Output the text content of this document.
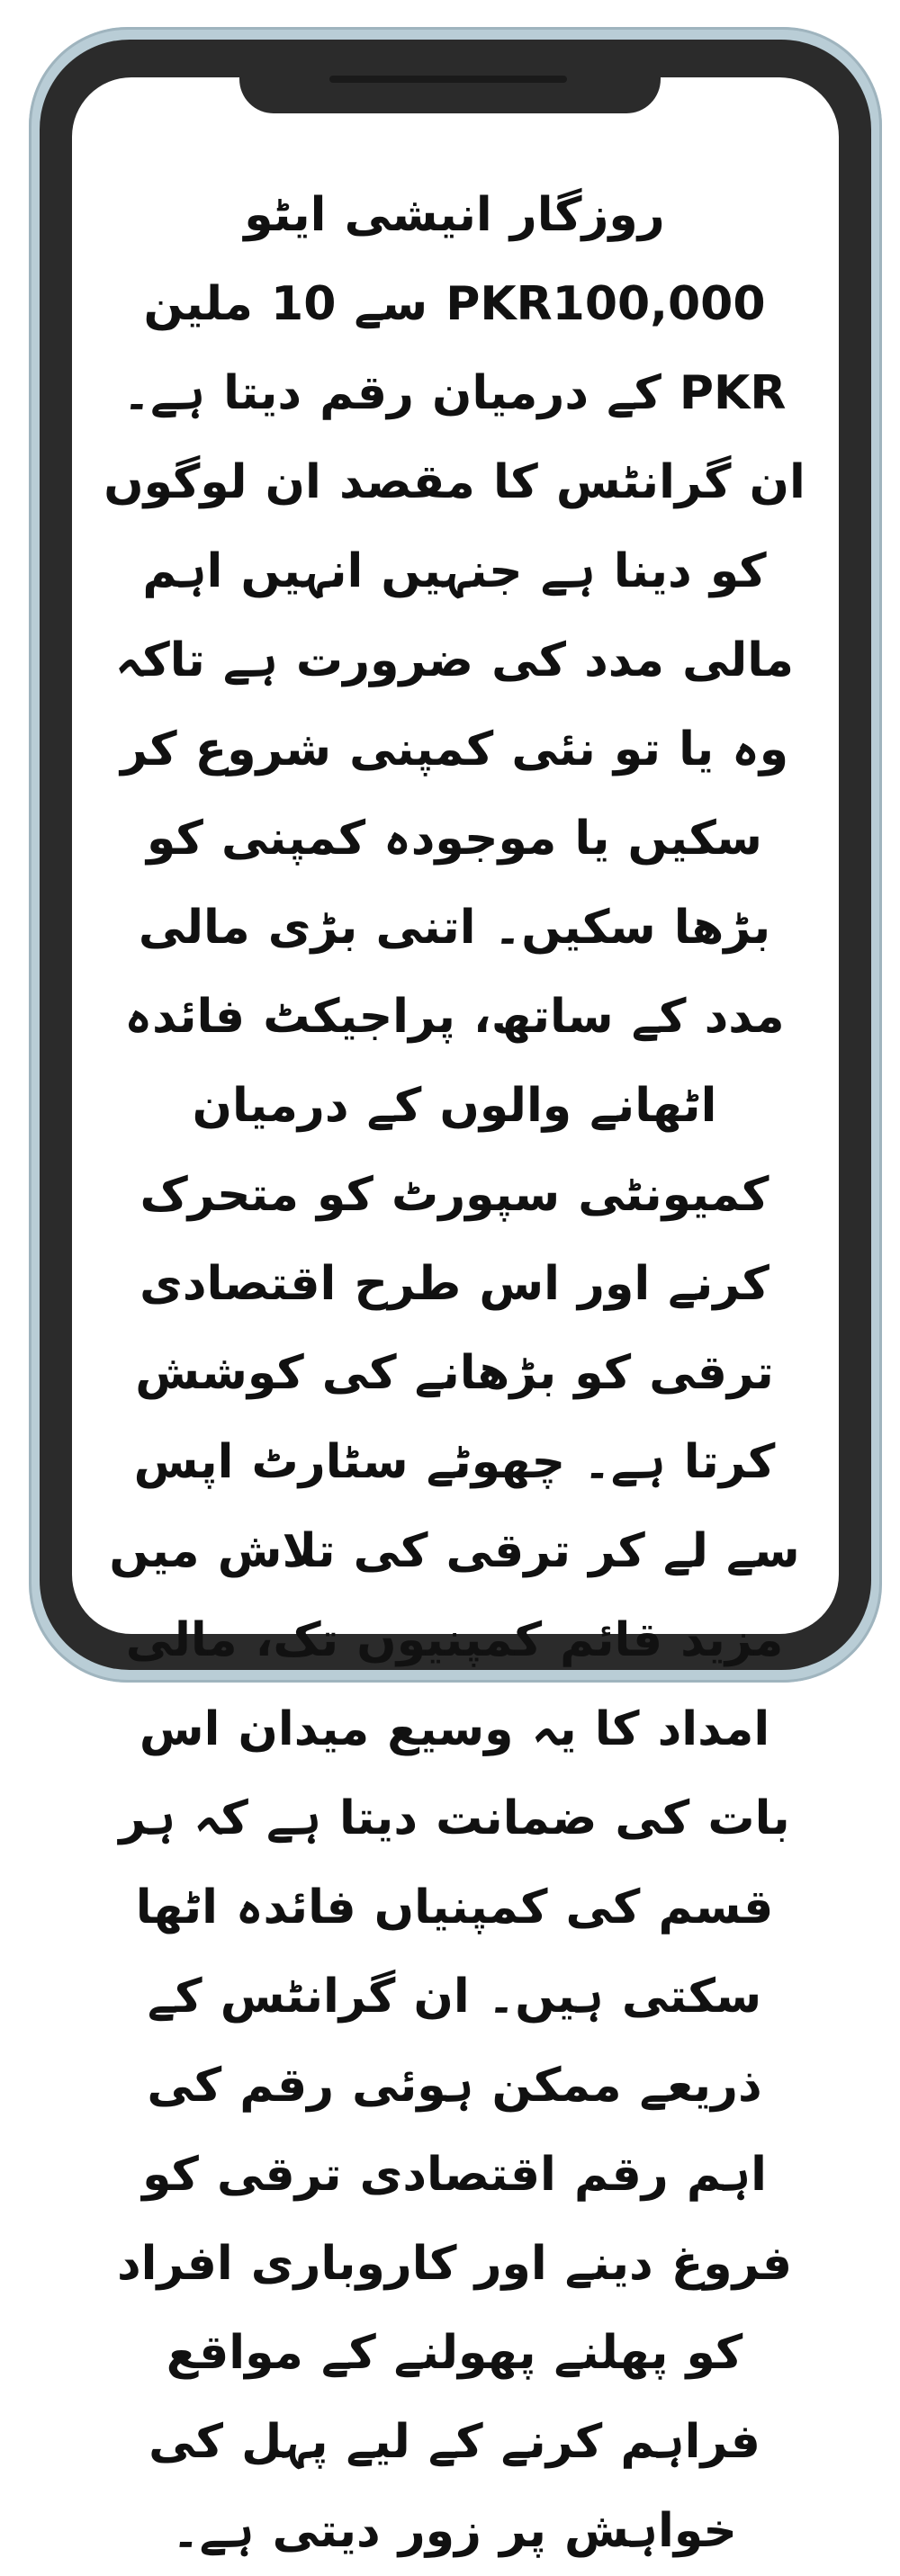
روزگار انیشی ایٹو PKR100,000 سے 10 ملین PKR کے درمیان رقم دیتا ہے۔ ان گرانٹس کا مقصد ان لوگوں کو دینا ہے جنہیں انہیں اہم مالی مدد کی ضرورت ہے تاکہ وہ یا تو نئی کمپنی شروع کر سکیں یا موجودہ کمپنی کو بڑھا سکیں۔ اتنی بڑی مالی مدد کے ساتھ، پراجیکٹ فائدہ اٹھانے والوں کے درمیان کمیونٹی سپورٹ کو متحرک کرنے اور اس طرح اقتصادی ترقی کو بڑھانے کی کوشش کرتا ہے۔ چھوٹے سٹارٹ اپس سے لے کر ترقی کی تلاش میں مزید قائم کمپنیوں تک، مالی امداد کا یہ وسیع میدان اس بات کی ضمانت دیتا ہے کہ ہر قسم کی کمپنیاں فائدہ اٹھا سکتی ہیں۔ ان گرانٹس کے ذریعے ممکن ہوئی رقم کی اہم رقم اقتصادی ترقی کو فروغ دینے اور کاروباری افراد کو پھلنے پھولنے کے مواقع فراہم کرنے کے لیے پہل کی خواہش پر زور دیتی ہے۔
